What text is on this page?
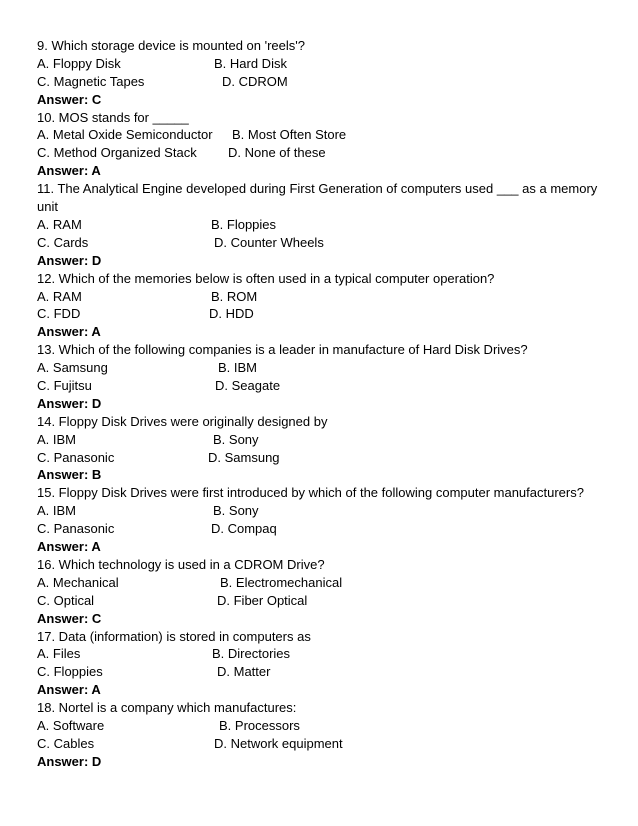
9. Which storage device is mounted on 'reels'?
A. Floppy Disk	B. Hard Disk
C. Magnetic Tapes	D. CDROM
Answer: C
10. MOS stands for _____
A. Metal Oxide Semiconductor B. Most Often Store
C. Method Organized Stack D. None of these
Answer: A
11. The Analytical Engine developed during First Generation of computers used ___ as a memory unit
A. RAM	B. Floppies
C. Cards	D. Counter Wheels
Answer: D
12. Which of the memories below is often used in a typical computer operation?
A. RAM	B. ROM
C. FDD	D. HDD
Answer: A
13. Which of the following companies is a leader in manufacture of Hard Disk Drives?
A. Samsung	B. IBM
C. Fujitsu	D. Seagate
Answer: D
14. Floppy Disk Drives were originally designed by
A. IBM	B. Sony
C. Panasonic	D. Samsung
Answer: B
15. Floppy Disk Drives were first introduced by which of the following computer manufacturers?
A. IBM	B. Sony
C. Panasonic	D. Compaq
Answer: A
16. Which technology is used in a CDROM Drive?
A. Mechanical	B. Electromechanical
C. Optical	D. Fiber Optical
Answer: C
17. Data (information) is stored in computers as
A. Files	B. Directories
C. Floppies	D. Matter
Answer: A
18. Nortel is a company which manufactures:
A. Software	B. Processors
C. Cables	D. Network equipment
Answer: D
